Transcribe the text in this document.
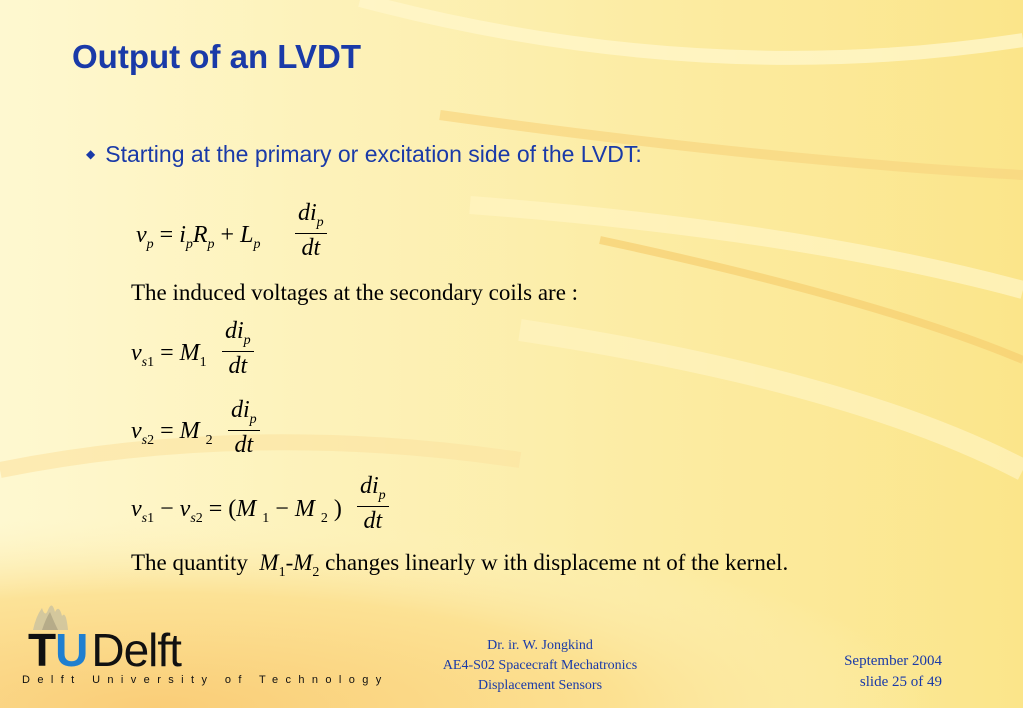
Output of an LVDT
◆ Starting at the primary or excitation side of the LVDT:
$v_p = i_pR_p + L_p$
$di_p$
dt
The induced voltages at the secondary coils are :
$v_{s1} = M_1$
$di_p$
dt
$v_{s2} = M$ $_2$
$di_p$
dt
$v_{s1} - v_{s2} = (M$ $_1$ − M $_2$ )
$di_p$
dt
The quantity  $M_1-M_2$ changes linearly w ith displaceme nt of the kernel.
TUDelft
Delft University of Technology
Dr. ir. W. Jongkind
AE4-S02 Spacecraft Mechatronics
Displacement Sensors
September 2004
slide 25 of 49
